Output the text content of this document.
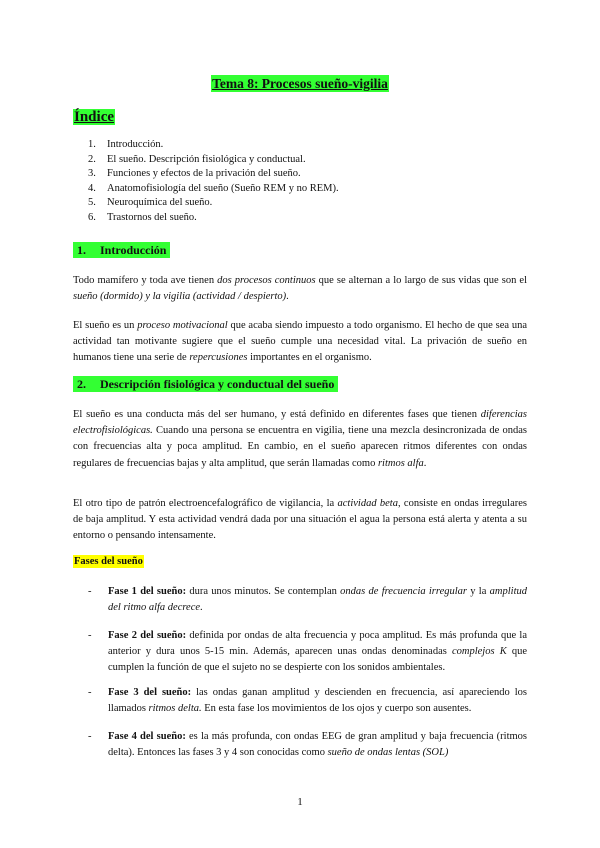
Tema 8: Procesos sueño-vigilia
Índice
1. Introducción.
2. El sueño. Descripción fisiológica y conductual.
3. Funciones y efectos de la privación del sueño.
4. Anatomofisiología del sueño (Sueño REM y no REM).
5. Neuroquímica del sueño.
6. Trastornos del sueño.
1. Introducción

Todo mamífero y toda ave tienen dos procesos continuos que se alternan a lo largo de sus vidas que son el sueño (dormido) y la vigilia (actividad / despierto).

El sueño es un proceso motivacional que acaba siendo impuesto a todo organismo. El hecho de que sea una actividad tan motivante sugiere que el sueño cumple una necesidad vital. La privación de sueño en humanos tiene una serie de repercusiones importantes en el organismo.

2. Descripción fisiológica y conductual del sueño

El sueño es una conducta más del ser humano, y está definido en diferentes fases que tienen diferencias electrofisiológicas. Cuando una persona se encuentra en vigilia, tiene una mezcla desincronizada de ondas con frecuencias alta y poca amplitud. En cambio, en el sueño aparecen ritmos diferentes con ondas regulares de frecuencias bajas y alta amplitud, que serán llamadas como ritmos alfa.

El otro tipo de patrón electroencefalográfico de vigilancia, la actividad beta, consiste en ondas irregulares de baja amplitud. Y esta actividad vendrá dada por una situación el agua la persona está alerta y atenta a su entorno o pensando intensamente.

Fases del sueño
- Fase 1 del sueño: dura unos minutos. Se contemplan ondas de frecuencia irregular y la amplitud del ritmo alfa decrece.
- Fase 2 del sueño: definida por ondas de alta frecuencia y poca amplitud. Es más profunda que la anterior y dura unos 5-15 min. Además, aparecen unas ondas denominadas complejos K que cumplen la función de que el sujeto no se despierte con los sonidos ambientales.
- Fase 3 del sueño: las ondas ganan amplitud y descienden en frecuencia, así apareciendo los llamados ritmos delta. En esta fase los movimientos de los ojos y cuerpo son ausentes.
- Fase 4 del sueño: es la más profunda, con ondas EEG de gran amplitud y baja frecuencia (ritmos delta). Entonces las fases 3 y 4 son conocidas como sueño de ondas lentas (SOL)
1
